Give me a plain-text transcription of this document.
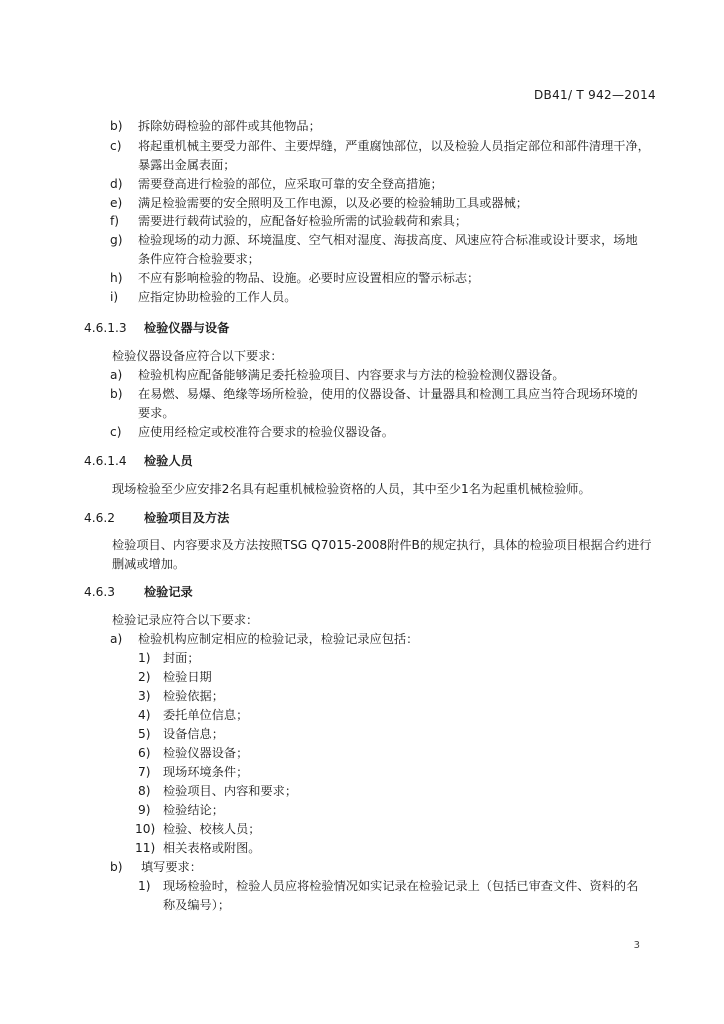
DB41/ T 942—2014
b) 拆除妨碍检验的部件或其他物品；
c) 将起重机械主要受力部件、主要焊缝，严重腐蚀部位，以及检验人员指定部位和部件清理干净，
暴露出金属表面；
d) 需要登高进行检验的部位，应采取可靠的安全登高措施；
e) 满足检验需要的安全照明及工作电源，以及必要的检验辅助工具或器械；
f) 需要进行载荷试验的，应配备好检验所需的试验载荷和索具；
g) 检验现场的动力源、环境温度、空气相对湿度、海拔高度、风速应符合标准或设计要求，场地
条件应符合检验要求；
h) 不应有影响检验的物品、设施。必要时应设置相应的警示标志；
i) 应指定协助检验的工作人员。
4.6.1.3 检验仪器与设备
检验仪器设备应符合以下要求：
a) 检验机构应配备能够满足委托检验项目、内容要求与方法的检验检测仪器设备。
b) 在易燃、易爆、绝缘等场所检验，使用的仪器设备、计量器具和检测工具应当符合现场环境的
要求。
c) 应使用经检定或校准符合要求的检验仪器设备。
4.6.1.4 检验人员
现场检验至少应安排2名具有起重机械检验资格的人员，其中至少1名为起重机械检验师。
4.6.2 检验项目及方法
检验项目、内容要求及方法按照TSG Q7015-2008附件B的规定执行，具体的检验项目根据合约进行
删减或增加。
4.6.3 检验记录
检验记录应符合以下要求：
a) 检验机构应制定相应的检验记录，检验记录应包括：
1) 封面；
2) 检验日期
3) 检验依据；
4) 委托单位信息；
5) 设备信息；
6) 检验仪器设备；
7) 现场环境条件；
8) 检验项目、内容和要求；
9) 检验结论；
10) 检验、校核人员；
11) 相关表格或附图。
b) 填写要求：
1) 现场检验时，检验人员应将检验情况如实记录在检验记录上（包括已审查文件、资料的名
称及编号）；
3
